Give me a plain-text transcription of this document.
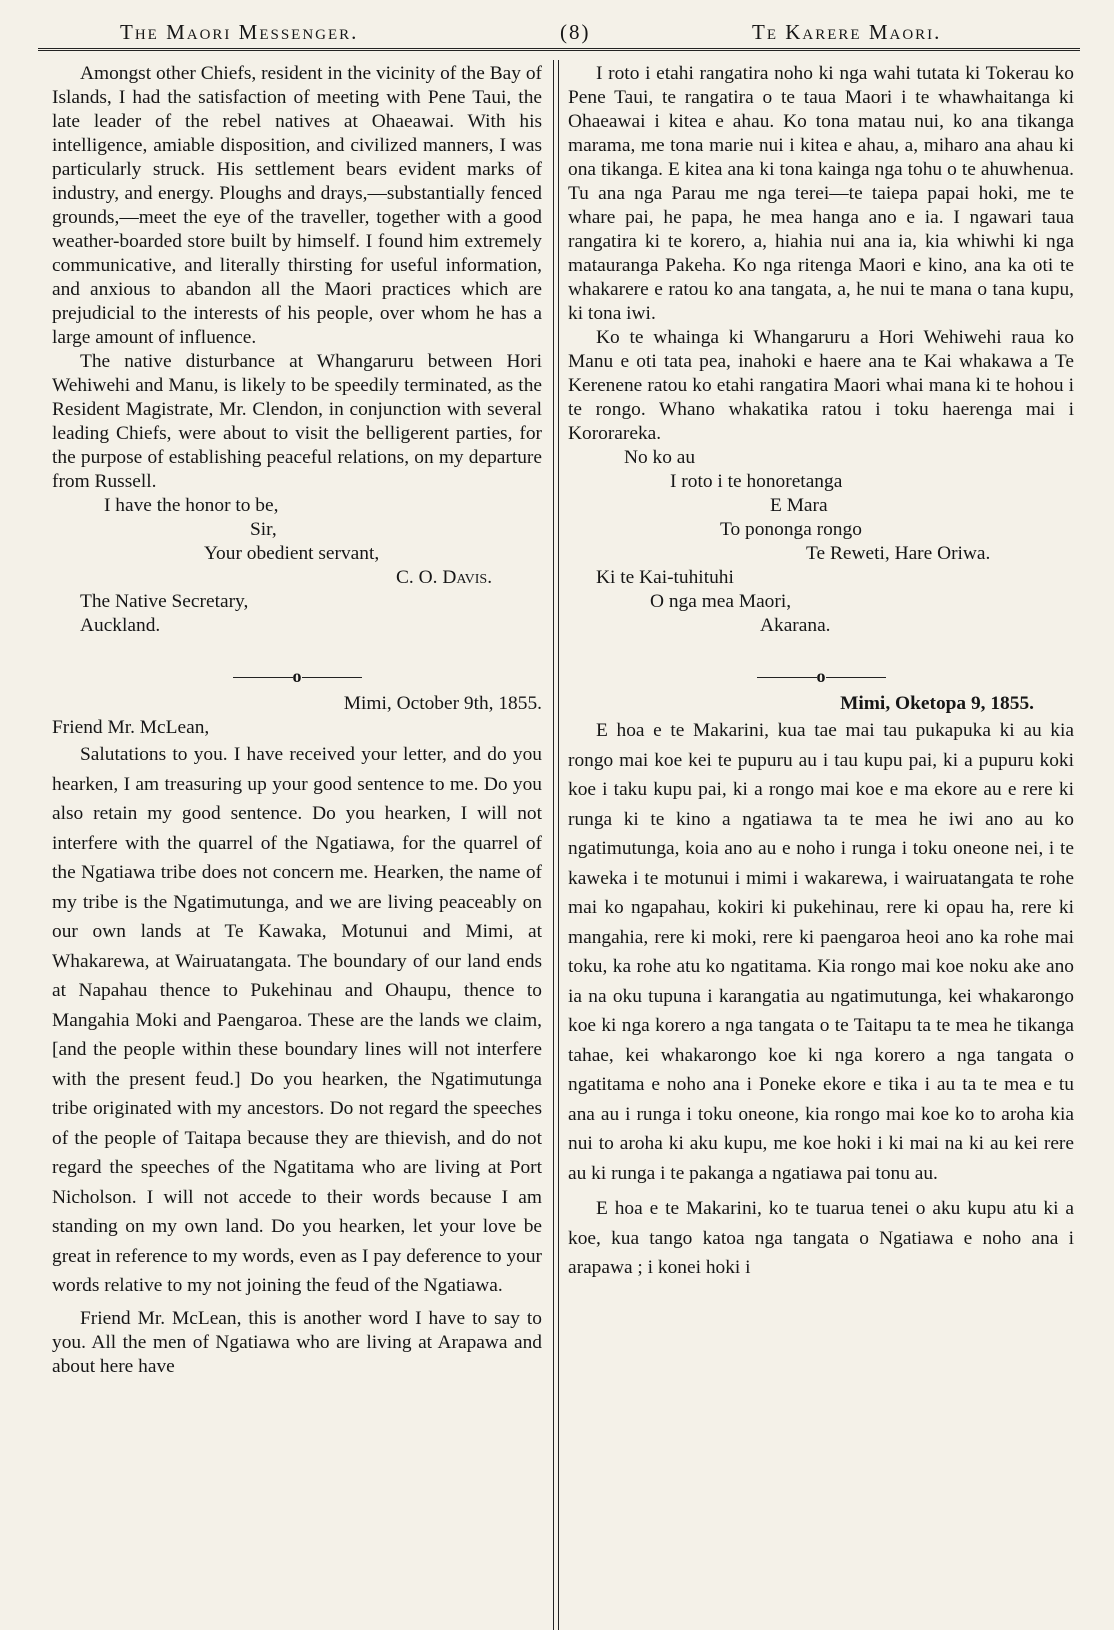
The Maori Messenger.	(8)	Te Karere Maori.

Amongst other Chiefs, resident in the vicinity of the Bay of Islands, I had the satisfaction of meeting with Pene Taui, the late leader of the rebel natives at Ohaeawai. With his intelligence, amiable disposition, and civilized manners, I was particularly struck. His settlement bears evident marks of industry, and energy. Ploughs and drays,—substantially fenced grounds,—meet the eye of the traveller, together with a good weather-boarded store built by himself. I found him extremely communicative, and literally thirsting for useful information, and anxious to abandon all the Maori practices which are prejudicial to the interests of his people, over whom he has a large amount of influence.

The native disturbance at Whangaruru between Hori Wehiwehi and Manu, is likely to be speedily terminated, as the Resident Magistrate, Mr. Clendon, in conjunction with several leading Chiefs, were about to visit the belligerent parties, for the purpose of establishing peaceful relations, on my departure from Russell.

I have the honor to be,

Sir,

Your obedient servant,

C. O. Davis.

The Native Secretary,

Auckland.

o

Mimi, October 9th, 1855.

Friend Mr. McLean,

Salutations to you. I have received your letter, and do you hearken, I am treasuring up your good sentence to me. Do you also retain my good sentence. Do you hearken, I will not interfere with the quarrel of the Ngatiawa, for the quarrel of the Ngatiawa tribe does not concern me. Hearken, the name of my tribe is the Ngatimutunga, and we are living peaceably on our own lands at Te Kawaka, Motunui and Mimi, at Whakarewa, at Wairuatangata. The boundary of our land ends at Napahau thence to Pukehinau and Ohaupu, thence to Mangahia Moki and Paengaroa. These are the lands we claim, [and the people within these boundary lines will not interfere with the present feud.] Do you hearken, the Ngatimutunga tribe originated with my ancestors. Do not regard the speeches of the people of Taitapa because they are thievish, and do not regard the speeches of the Ngatitama who are living at Port Nicholson. I will not accede to their words because I am standing on my own land. Do you hearken, let your love be great in reference to my words, even as I pay deference to your words relative to my not joining the feud of the Ngatiawa.

Friend Mr. McLean, this is another word I have to say to you. All the men of Ngatiawa who are living at Arapawa and about here have

I roto i etahi rangatira noho ki nga wahi tutata ki Tokerau ko Pene Taui, te rangatira o te taua Maori i te whawhaitanga ki Ohaeawai i kitea e ahau. Ko tona matau nui, ko ana tikanga marama, me tona marie nui i kitea e ahau, a, miharo ana ahau ki ona tikanga. E kitea ana ki tona kainga nga tohu o te ahuwhenua. Tu ana nga Parau me nga terei—te taiepa papai hoki, me te whare pai, he papa, he mea hanga ano e ia. I ngawari taua rangatira ki te korero, a, hiahia nui ana ia, kia whiwhi ki nga matauranga Pakeha. Ko nga ritenga Maori e kino, ana ka oti te whakarere e ratou ko ana tangata, a, he nui te mana o tana kupu, ki tona iwi.

Ko te whainga ki Whangaruru a Hori Wehiwehi raua ko Manu e oti tata pea, inahoki e haere ana te Kai whakawa a Te Kerenene ratou ko etahi rangatira Maori whai mana ki te hohou i te rongo. Whano whakatika ratou i toku haerenga mai i Kororareka.

No ko au

I roto i te honoretanga

E Mara

To pononga rongo

Te Reweti, Hare Oriwa.

Ki te Kai-tuhituhi

O nga mea Maori,

Akarana.

o

Mimi, Oketopa 9, 1855.

E hoa e te Makarini, kua tae mai tau pukapuka ki au kia rongo mai koe kei te pupuru au i tau kupu pai, ki a pupuru koki koe i taku kupu pai, ki a rongo mai koe e ma ekore au e rere ki runga ki te kino a ngatiawa ta te mea he iwi ano au ko ngatimutunga, koia ano au e noho i runga i toku oneone nei, i te kaweka i te motunui i mimi i wakarewa, i wairuatangata te rohe mai ko ngapahau, kokiri ki pukehinau, rere ki opau ha, rere ki mangahia, rere ki moki, rere ki paengaroa heoi ano ka rohe mai toku, ka rohe atu ko ngatitama. Kia rongo mai koe noku ake ano ia na oku tupuna i karangatia au ngatimutunga, kei whakarongo koe ki nga korero a nga tangata o te Taitapu ta te mea he tikanga tahae, kei whakarongo koe ki nga korero a nga tangata o ngatitama e noho ana i Poneke ekore e tika i au ta te mea e tu ana au i runga i toku oneone, kia rongo mai koe ko to aroha kia nui to aroha ki aku kupu, me koe hoki i ki mai na ki au kei rere au ki runga i te pakanga a ngatiawa pai tonu au.

E hoa e te Makarini, ko te tuarua tenei o aku kupu atu ki a koe, kua tango katoa nga tangata o Ngatiawa e noho ana i arapawa ; i konei hoki i
